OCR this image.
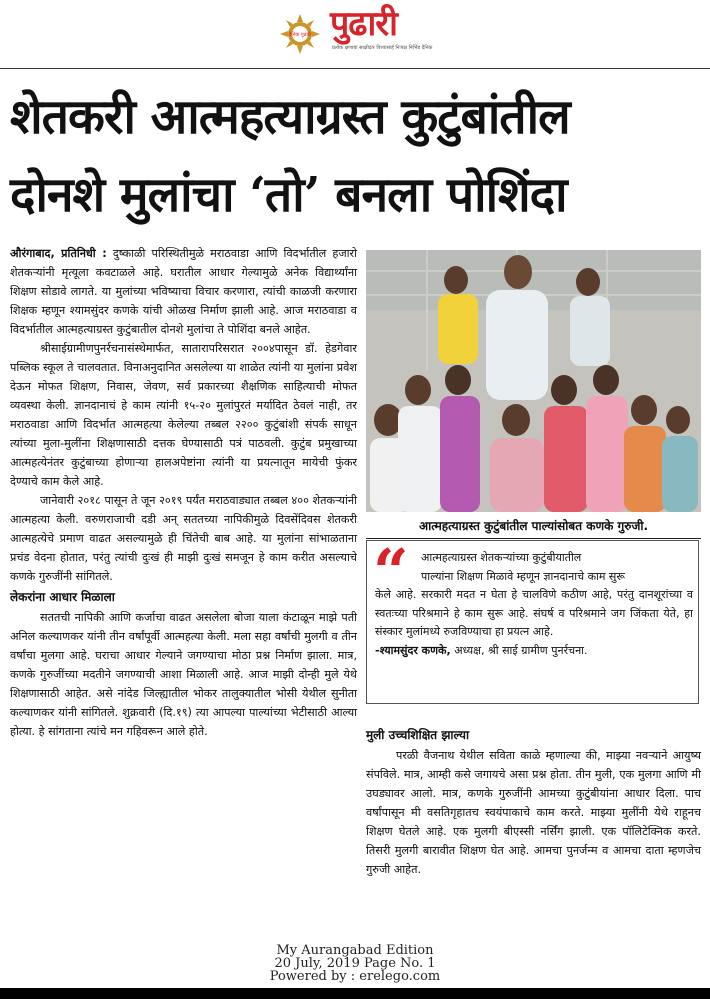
दैनिक पुढारी पुढारी
प्रत्येक क्षणाचा साक्षीदार विश्वासार्ह निःपक्ष निर्भिड दैनिक
शेतकरी आत्महत्याग्रस्त कुटुंबांतील
दोनशे मुलांचा ‘तो’ बनला पोशिंदा

औरंगाबाद, प्रतिनिधी : दुष्काळी परिस्थितीमुळे मराठवाडा आणि विदर्भातील हजारो शेतकर्‍यांनी मृत्यूला कवटाळले आहे. घरातील आधार गेल्यामुळे अनेक विद्यार्थ्यांना शिक्षण सोडावे लागते. या मुलांच्या भविष्याचा विचार करणारा, त्यांची काळजी करणारा शिक्षक म्हणून श्यामसुंदर कणके यांची ओळख निर्माण झाली आहे. आज मराठवाडा व विदर्भातील आत्महत्याग्रस्त कुटुंबातील दोनशे मुलांचा ते पोशिंदा बनले आहेत.

श्रीसाईग्रामीणपुनर्रचनासंस्थेमार्फत, सातारापरिसरात २००४पासून डॉ. हेडगेवार पब्लिक स्कूल ते चालवतात. विनाअनुदानित असलेल्या या शाळेत त्यांनी या मुलांना प्रवेश देऊन मोफत शिक्षण, निवास, जेवण, सर्व प्रकारच्या शैक्षणिक साहित्याची मोफत व्यवस्था केली. ज्ञानदानाचं हे काम त्यांनी १५-२० मुलांपुरतं मर्यादित ठेवलं नाही, तर मराठवाडा आणि विदर्भात आत्महत्या केलेल्या तब्बल २२०० कुटुंबांशी संपर्क साधून त्यांच्या मुला-मुलींना शिक्षणासाठी दत्तक घेण्यासाठी पत्रं पाठवली. कुटुंब प्रमुखाच्या आत्महत्येनंतर कुटुंबाच्या होणार्‍या हालअपेष्टांना त्यांनी या प्रयत्नातून मायेची फुंकर देण्याचे काम केले आहे.

जानेवारी २०१८ पासून ते जून २०१९ पर्यंत मराठवाड्यात तब्बल ४०० शेतकर्‍यांनी आत्महत्या केली. वरुणराजाची दडी अन् सततच्या नापिकीमुळे दिवसेंदिवस शेतकरी आत्महत्येचे प्रमाण वाढत असल्यामुळे ही चिंतेची बाब आहे. या मुलांना सांभाळताना प्रचंड वेदना होतात, परंतु त्यांची दुःखं ही माझी दुःखं समजून हे काम करीत असल्याचे कणके गुरुजींनी सांगितले.

लेकरांना आधार मिळाला

सततची नापिकी आणि कर्जाचा वाढत असलेला बोजा याला कंटाळून माझे पती अनिल कल्याणकर यांनी तीन वर्षांपूर्वी आत्महत्या केली. मला सहा वर्षांची मुलगी व तीन वर्षांचा मुलगा आहे. घराचा आधार गेल्याने जगण्याचा मोठा प्रश्न निर्माण झाला. मात्र, कणके गुरुजींच्या मदतीने जगण्याची आशा मिळाली आहे. आज माझी दोन्ही मुले येथे शिक्षणासाठी आहेत. असे नांदेड जिल्ह्यातील भोकर तालुक्यातील भोसी येथील सुनीता कल्याणकर यांनी सांगितले. शुक्रवारी (दि.१९) त्या आपल्या पाल्यांच्या भेटीसाठी आल्या होत्या. हे सांगताना त्यांचे मन गहिवरून आले होते.

आत्महत्याग्रस्त कुटुंबांतील पाल्यांसोबत कणके गुरुजी.
“	आत्महत्याग्रस्त शेतकर्‍यांच्या कुटुंबीयातील
पाल्यांना शिक्षण मिळावे म्हणून ज्ञानदानाचे काम सुरू
केले आहे. सरकारी मदत न घेता हे चालविणे कठीण आहे, परंतु दानशूरांच्या व स्वतःच्या परिश्रमाने हे काम सुरू आहे. संघर्ष व परिश्रमाने जग जिंकता येते, हा संस्कार मुलांमध्ये रुजविण्याचा हा प्रयत्न आहे.
-श्यामसुंदर कणके, अध्यक्ष, श्री साई ग्रामीण पुनर्रचना.
मुली उच्चशिक्षित झाल्या

परळी वैजनाथ येथील सविता काळे म्हणाल्या की, माझ्या नवर्‍याने आयुष्य संपविले. मात्र, आम्ही कसे जगायचे असा प्रश्न होता. तीन मुली, एक मुलगा आणि मी उघड्यावर आलो. मात्र, कणके गुरुजींनी आमच्या कुटुंबीयांना आधार दिला. पाच वर्षांपासून मी वसतिगृहातच स्वयंपाकाचे काम करते. माझ्या मुलींनी येथे राहूनच शिक्षण घेतले आहे. एक मुलगी बीएस्सी नर्सिंग झाली. एक पॉलिटेक्निक करते. तिसरी मुलगी बारावीत शिक्षण घेत आहे. आमचा पुनर्जन्म व आमचा दाता म्हणजेच गुरुजी आहेत.

My Aurangabad Edition
20 July, 2019 Page No. 1
Powered by : erelego.com
